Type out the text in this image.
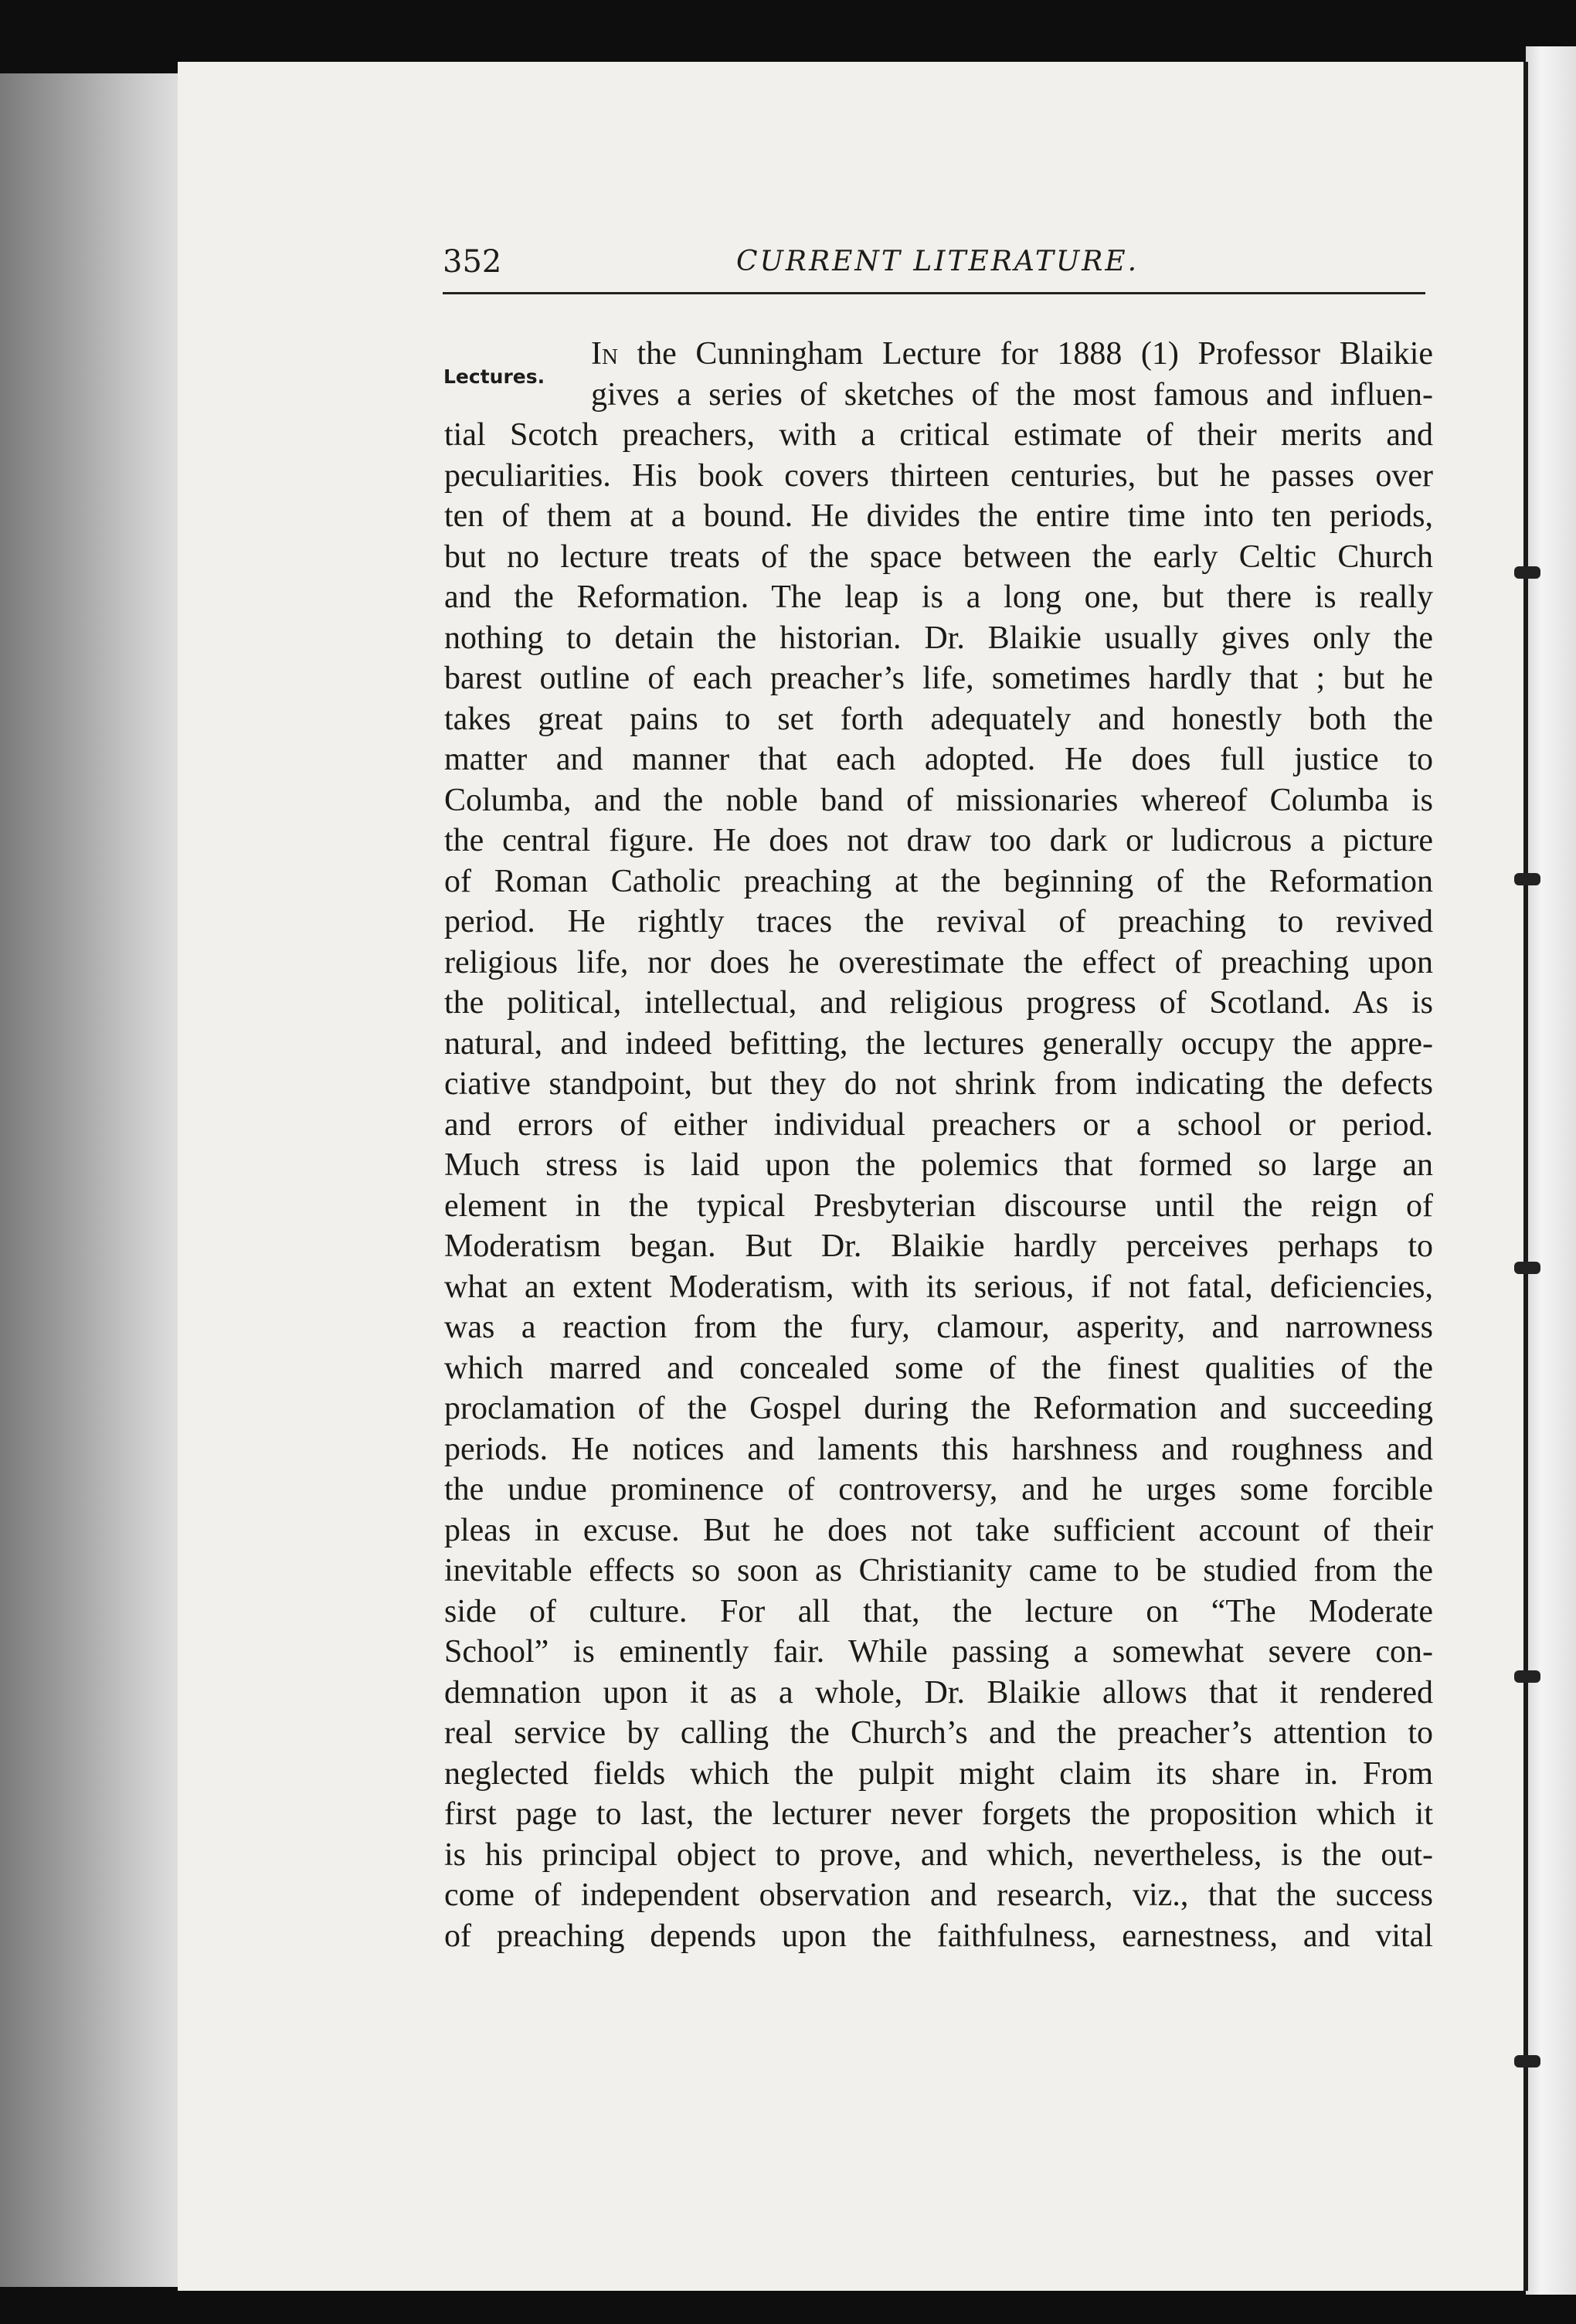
352	CURRENT LITERATURE.
Lectures.
In the Cunningham Lecture for 1888 (1) Professor Blaikie
gives a series of sketches of the most famous and influen-
tial Scotch preachers, with a critical estimate of their merits and
peculiarities. His book covers thirteen centuries, but he passes over
ten of them at a bound. He divides the entire time into ten periods,
but no lecture treats of the space between the early Celtic Church
and the Reformation. The leap is a long one, but there is really
nothing to detain the historian. Dr. Blaikie usually gives only the
barest outline of each preacher’s life, sometimes hardly that ; but he
takes great pains to set forth adequately and honestly both the
matter and manner that each adopted. He does full justice to
Columba, and the noble band of missionaries whereof Columba is
the central figure. He does not draw too dark or ludicrous a picture
of Roman Catholic preaching at the beginning of the Reformation
period. He rightly traces the revival of preaching to revived
religious life, nor does he overestimate the effect of preaching upon
the political, intellectual, and religious progress of Scotland. As is
natural, and indeed befitting, the lectures generally occupy the appre-
ciative standpoint, but they do not shrink from indicating the defects
and errors of either individual preachers or a school or period.
Much stress is laid upon the polemics that formed so large an
element in the typical Presbyterian discourse until the reign of
Moderatism began. But Dr. Blaikie hardly perceives perhaps to
what an extent Moderatism, with its serious, if not fatal, deficiencies,
was a reaction from the fury, clamour, asperity, and narrowness
which marred and concealed some of the finest qualities of the
proclamation of the Gospel during the Reformation and succeeding
periods. He notices and laments this harshness and roughness and
the undue prominence of controversy, and he urges some forcible
pleas in excuse. But he does not take sufficient account of their
inevitable effects so soon as Christianity came to be studied from the
side of culture. For all that, the lecture on “The Moderate
School” is eminently fair. While passing a somewhat severe con-
demnation upon it as a whole, Dr. Blaikie allows that it rendered
real service by calling the Church’s and the preacher’s attention to
neglected fields which the pulpit might claim its share in. From
first page to last, the lecturer never forgets the proposition which it
is his principal object to prove, and which, nevertheless, is the out-
come of independent observation and research, viz., that the success
of preaching depends upon the faithfulness, earnestness, and vital
